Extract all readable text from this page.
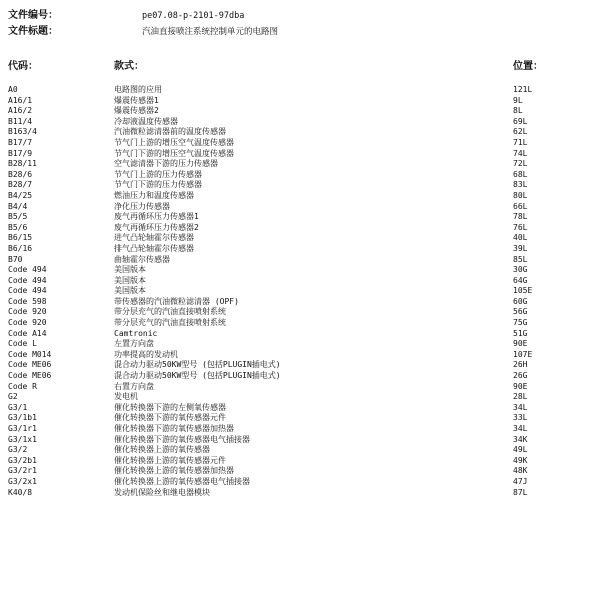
文件编号：	pe07.08-p-2101-97dba
文件标题：	汽油直接喷注系统控制单元的电路图
代码：	款式：	位置：
A0	电路图的应用	121L
A16/1	爆震传感器1	9L
A16/2	爆震传感器2	8L
B11/4	冷却液温度传感器	69L
B163/4	汽油微粒滤清器前的温度传感器	62L
B17/7	节气门上游的增压空气温度传感器	71L
B17/9	节气门下游的增压空气温度传感器	74L
B28/11	空气滤清器下游的压力传感器	72L
B28/6	节气门上游的压力传感器	68L
B28/7	节气门下游的压力传感器	83L
B4/25	燃油压力和温度传感器	80L
B4/4	净化压力传感器	66L
B5/5	废气再循环压力传感器1	78L
B5/6	废气再循环压力传感器2	76L
B6/15	进气凸轮轴霍尔传感器	40L
B6/16	排气凸轮轴霍尔传感器	39L
B70	曲轴霍尔传感器	85L
Code 494	美国版本	30G
Code 494	美国版本	64G
Code 494	美国版本	105E
Code 598	带传感器的汽油微粒滤清器 (OPF)	60G
Code 920	带分层充气的汽油直接喷射系统	56G
Code 920	带分层充气的汽油直接喷射系统	75G
Code A14	Camtronic	51G
Code L	左置方向盘	90E
Code M014	功率提高的发动机	107E
Code ME06	混合动力驱动50KW型号 (包括PLUGIN插电式)	26H
Code ME06	混合动力驱动50KW型号 (包括PLUGIN插电式)	26G
Code R	右置方向盘	90E
G2	发电机	28L
G3/1	催化转换器下游的左侧氧传感器	34L
G3/1b1	催化转换器下游的氧传感器元件	33L
G3/1r1	催化转换器下游的氧传感器加热器	34L
G3/1x1	催化转换器下游的氧传感器电气插接器	34K
G3/2	催化转换器上游的氧传感器	49L
G3/2b1	催化转换器上游的氧传感器元件	49K
G3/2r1	催化转换器上游的氧传感器加热器	48K
G3/2x1	催化转换器上游的氧传感器电气插接器	47J
K40/8	发动机保险丝和继电器模块	87L
